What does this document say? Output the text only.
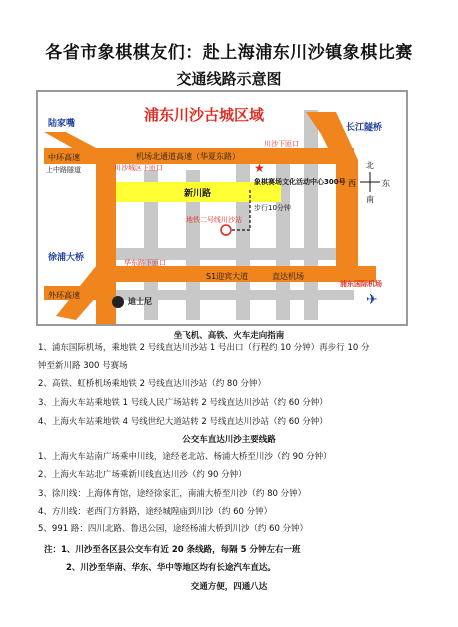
各省市象棋棋友们：赴上海浦东川沙镇象棋比赛
交通线路示意图
浦东川沙古城区域
陆家嘴	长江隧桥
中环高速
上中路隧道
机场北通道高速（华夏东路）
川沙下匝口
川沙城区下匝口
新川路
★
象棋赛场文化活动中心300号
步行10分钟
地铁二号线川沙站
徐浦大桥
外环高速
华东路下匝口
S1迎宾大道	直达机场
迪士尼
浦东国际机场
✈
北
南
西	东
坐飞机、高铁、火车走向指南
1、浦东国际机场，乘地铁 2 号线直达川沙站 1 号出口（行程约 10 分钟）再步行 10 分
钟至新川路 300 号赛场
2、高铁、虹桥机场乘地铁 2 号线直达川沙站（约 80 分钟）
3、上海火车站乘地铁 1 号线人民广场站转 2 号线直达川沙站（约 60 分钟）
4、上海火车站乘地铁 4 号线世纪大道站转 2 号线直达川沙站（约 60 分钟）
公交车直达川沙主要线路
1、上海火车站南广场乘申川线，途经老北站、杨浦大桥至川沙（约 90 分钟）
2、上海火车站北广场乘新川线直达川沙（约 90 分钟）
3、徐川线：上海体育馆，途经徐家汇，南浦大桥至川沙（约 80 分钟）
4、方川线：老西门方斜路，途经城隍庙到川沙（约 60 分钟）
5、991 路：四川北路、鲁迅公园，途经杨浦大桥到川沙（约 60 分钟）
注：1、川沙至各区县公交车有近 20 条线路，每隔 5 分钟左右一班
2、川沙至华南、华东、华中等地区均有长途汽车直达。
交通方便，四通八达
